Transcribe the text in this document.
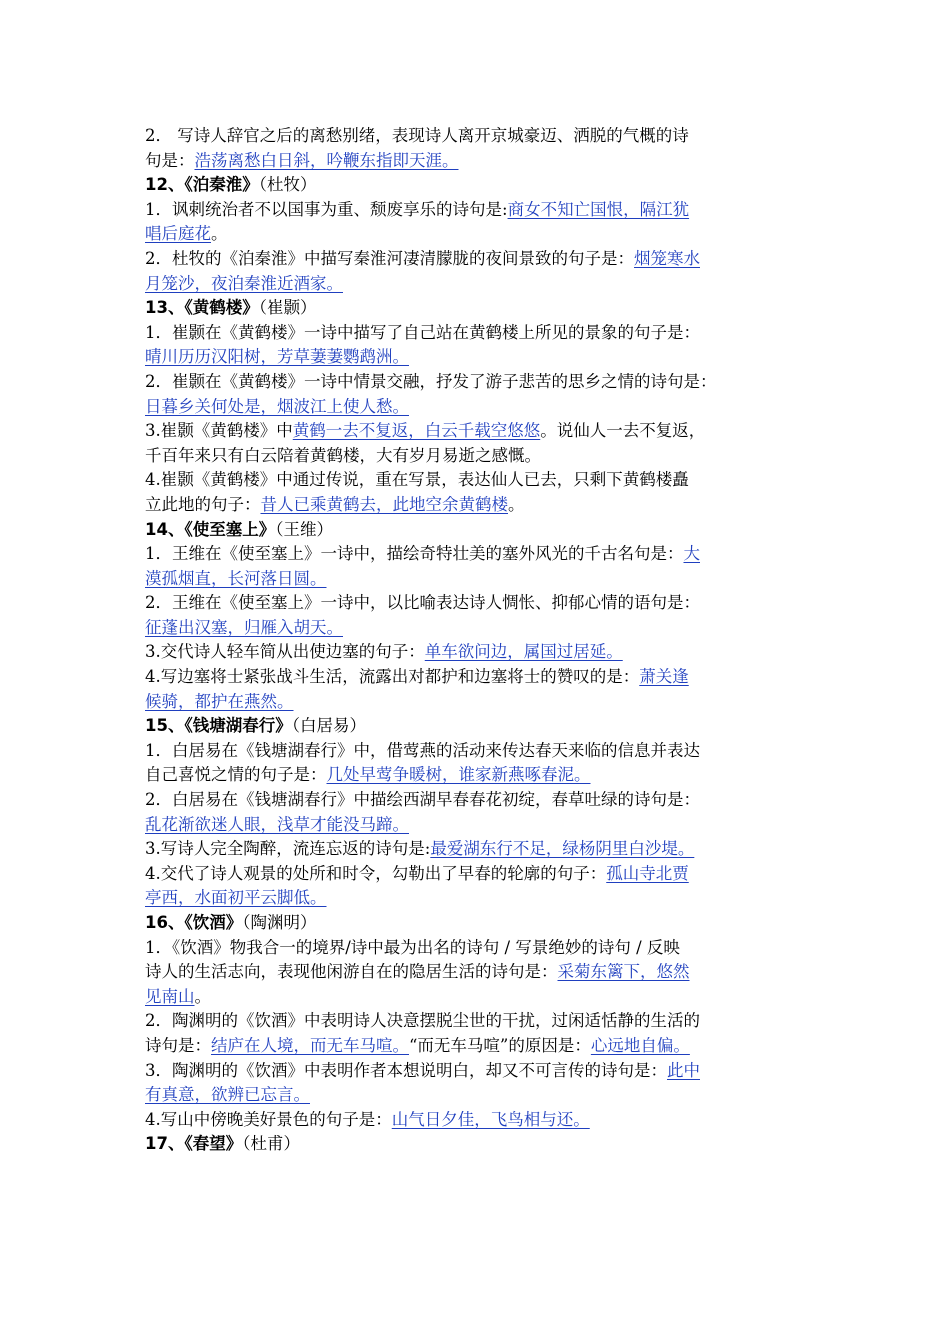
2． 写诗人辞官之后的离愁别绪，表现诗人离开京城豪迈、洒脱的气概的诗
句是：浩荡离愁白日斜，吟鞭东指即天涯。
12、《泊秦淮》（杜牧）
1．讽刺统治者不以国事为重、颓废享乐的诗句是:商女不知亡国恨，隔江犹
唱后庭花。
2．杜牧的《泊秦淮》中描写秦淮河凄清朦胧的夜间景致的句子是：烟笼寒水
月笼沙，夜泊秦淮近酒家。
13、《黄鹤楼》（崔颢）
1．崔颢在《黄鹤楼》一诗中描写了自己站在黄鹤楼上所见的景象的句子是：
晴川历历汉阳树，芳草萋萋鹦鹉洲。
2．崔颢在《黄鹤楼》一诗中情景交融，抒发了游子悲苦的思乡之情的诗句是：
日暮乡关何处是，烟波江上使人愁。
3.崔颢《黄鹤楼》中黄鹤一去不复返，白云千载空悠悠。说仙人一去不复返，
千百年来只有白云陪着黄鹤楼，大有岁月易逝之感慨。
4.崔颢《黄鹤楼》中通过传说，重在写景，表达仙人已去，只剩下黄鹤楼矗
立此地的句子：昔人已乘黄鹤去，此地空余黄鹤楼。
14、《使至塞上》（王维）
1．王维在《使至塞上》一诗中，描绘奇特壮美的塞外风光的千古名句是：大
漠孤烟直，长河落日圆。
2．王维在《使至塞上》一诗中，以比喻表达诗人惆怅、抑郁心情的语句是：
征蓬出汉塞，归雁入胡天。
3.交代诗人轻车简从出使边塞的句子：单车欲问边，属国过居延。
4.写边塞将士紧张战斗生活，流露出对都护和边塞将士的赞叹的是：萧关逢
候骑，都护在燕然。
15、《钱塘湖春行》（白居易）
1．白居易在《钱塘湖春行》中，借莺燕的活动来传达春天来临的信息并表达
自己喜悦之情的句子是：几处早莺争暖树，谁家新燕啄春泥。
2．白居易在《钱塘湖春行》中描绘西湖早春春花初绽，春草吐绿的诗句是：
乱花渐欲迷人眼，浅草才能没马蹄。
3.写诗人完全陶醉，流连忘返的诗句是:最爱湖东行不足，绿杨阴里白沙堤。
4.交代了诗人观景的处所和时令，勾勒出了早春的轮廓的句子：孤山寺北贾
亭西，水面初平云脚低。
16、《饮酒》（陶渊明）
1．《饮酒》物我合一的境界/诗中最为出名的诗句 / 写景绝妙的诗句 / 反映
诗人的生活志向，表现他闲游自在的隐居生活的诗句是：采菊东篱下，悠然
见南山。
2．陶渊明的《饮酒》中表明诗人决意摆脱尘世的干扰，过闲适恬静的生活的
诗句是：结庐在人境，而无车马喧。“而无车马喧”的原因是：心远地自偏。
3．陶渊明的《饮酒》中表明作者本想说明白，却又不可言传的诗句是：此中
有真意，欲辨已忘言。
4.写山中傍晚美好景色的句子是：山气日夕佳，飞鸟相与还。
17、《春望》（杜甫）
